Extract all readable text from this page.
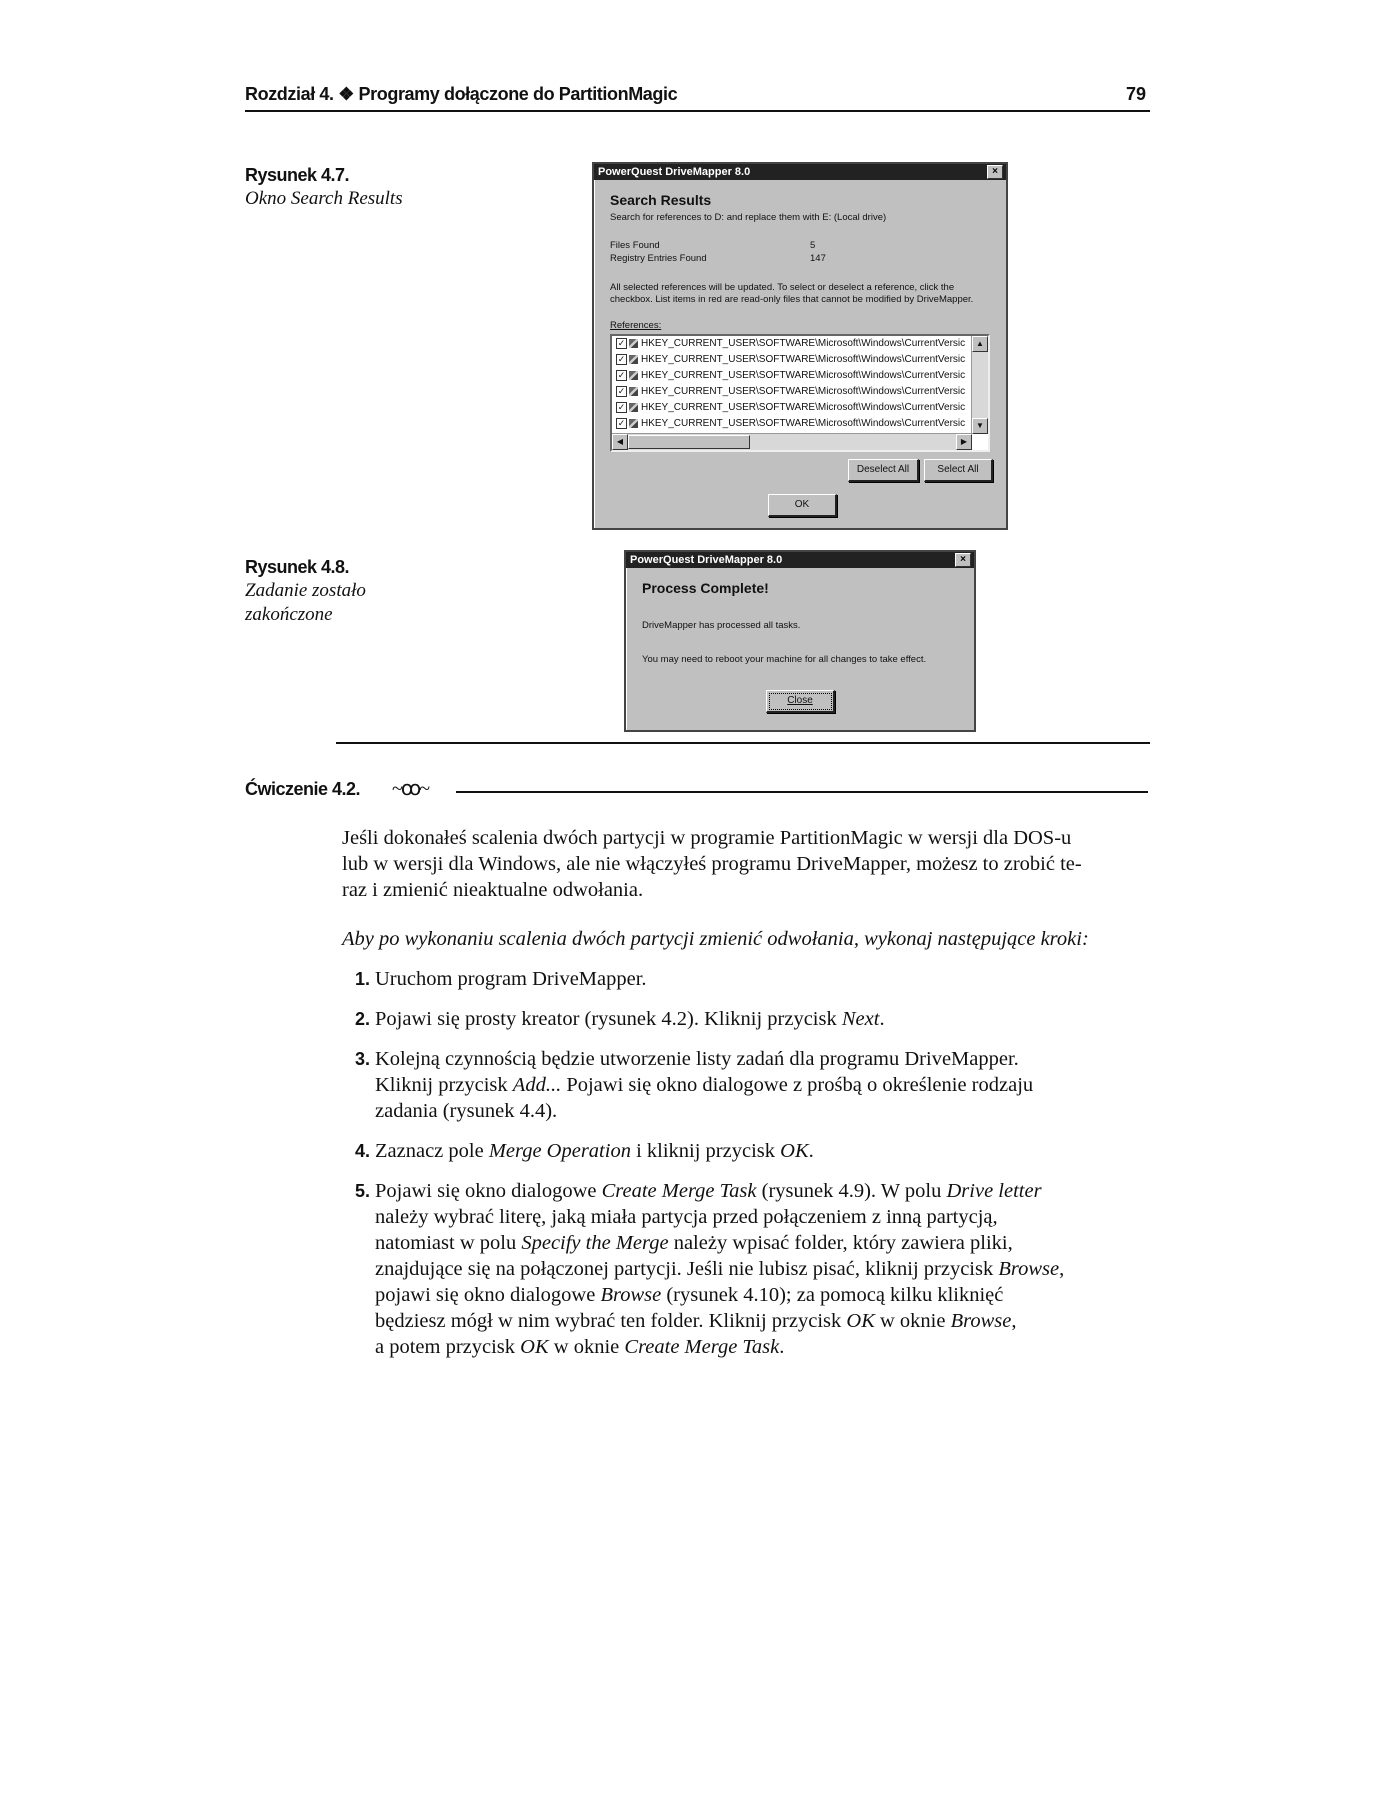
Rozdział 4. ❖ Programy dołączone do PartitionMagic	79
Rysunek 4.7.
Okno Search Results
PowerQuest DriveMapper 8.0	×
Search Results
Search for references to D: and replace them with E: (Local drive)
Files Found	5
Registry Entries Found	147
All selected references will be updated. To select or deselect a reference, click the
checkbox. List items in red are read-only files that cannot be modified by DriveMapper.
References:
✓ HKEY_CURRENT_USER\SOFTWARE\Microsoft\Windows\CurrentVersic
✓ HKEY_CURRENT_USER\SOFTWARE\Microsoft\Windows\CurrentVersic
✓ HKEY_CURRENT_USER\SOFTWARE\Microsoft\Windows\CurrentVersic
✓ HKEY_CURRENT_USER\SOFTWARE\Microsoft\Windows\CurrentVersic
✓ HKEY_CURRENT_USER\SOFTWARE\Microsoft\Windows\CurrentVersic
✓ HKEY_CURRENT_USER\SOFTWARE\Microsoft\Windows\CurrentVersic
▲
▼
◀	▶
Deselect All	Select All
OK
Rysunek 4.8.
Zadanie zostało
zakończone
PowerQuest DriveMapper 8.0	×
Process Complete!
DriveMapper has processed all tasks.
You may need to reboot your machine for all changes to take effect.
Close
Ćwiczenie 4.2. ~ꝏ~
Jeśli dokonałeś scalenia dwóch partycji w programie PartitionMagic w wersji dla DOS-u
lub w wersji dla Windows, ale nie włączyłeś programu DriveMapper, możesz to zrobić te-
raz i zmienić nieaktualne odwołania.
Aby po wykonaniu scalenia dwóch partycji zmienić odwołania, wykonaj następujące kroki:
1. Uruchom program DriveMapper.
2. Pojawi się prosty kreator (rysunek 4.2). Kliknij przycisk Next.
3. Kolejną czynnością będzie utworzenie listy zadań dla programu DriveMapper.
Kliknij przycisk Add... Pojawi się okno dialogowe z prośbą o określenie rodzaju
zadania (rysunek 4.4).
4. Zaznacz pole Merge Operation i kliknij przycisk OK.
5. Pojawi się okno dialogowe Create Merge Task (rysunek 4.9). W polu Drive letter
należy wybrać literę, jaką miała partycja przed połączeniem z inną partycją,
natomiast w polu Specify the Merge należy wpisać folder, który zawiera pliki,
znajdujące się na połączonej partycji. Jeśli nie lubisz pisać, kliknij przycisk Browse,
pojawi się okno dialogowe Browse (rysunek 4.10); za pomocą kilku kliknięć
będziesz mógł w nim wybrać ten folder. Kliknij przycisk OK w oknie Browse,
a potem przycisk OK w oknie Create Merge Task.
